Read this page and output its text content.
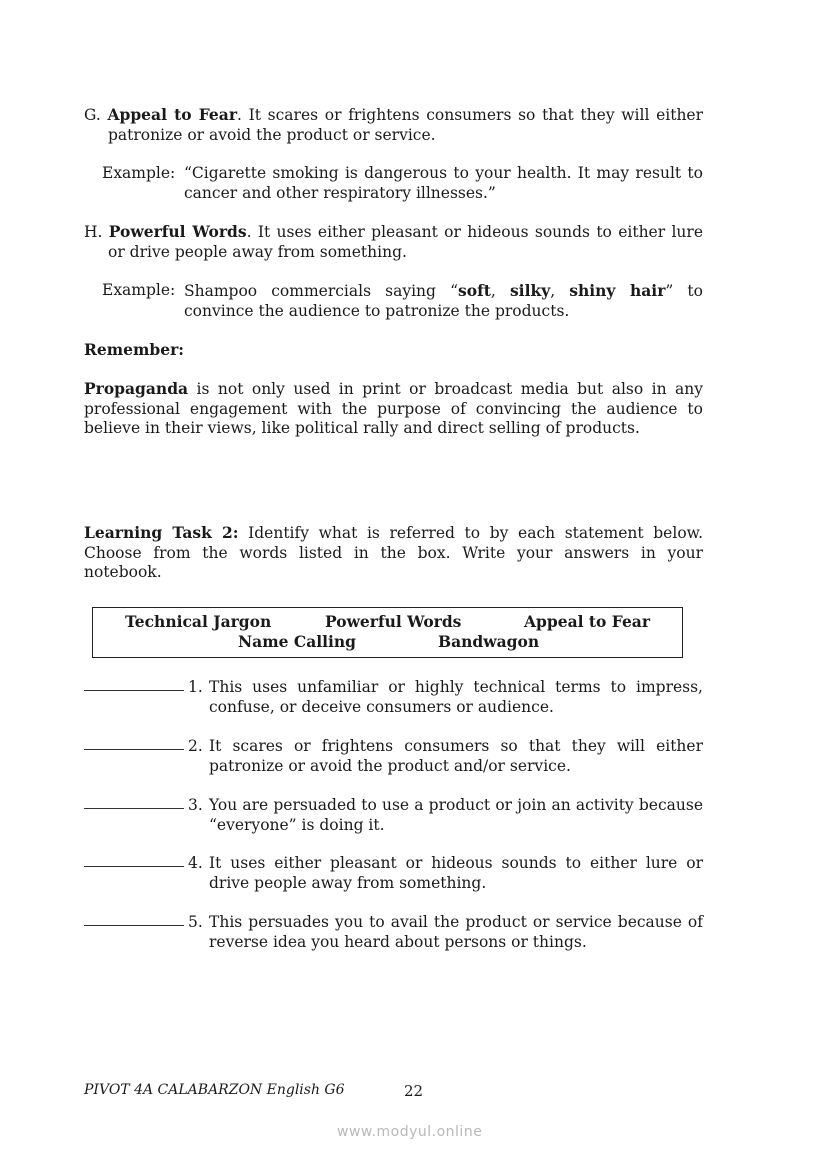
G. Appeal to Fear. It scares or frightens consumers so that they will either patronize or avoid the product or service.
Example: “Cigarette smoking is dangerous to your health. It may result to cancer and other respiratory illnesses.”
H. Powerful Words. It uses either pleasant or hideous sounds to either lure or drive people away from something.
Example: Shampoo commercials saying “soft, silky, shiny hair” to convince the audience to patronize the products.
Remember:
Propaganda is not only used in print or broadcast media but also in any professional engagement with the purpose of convincing the audience to believe in their views, like political rally and direct selling of products.
Learning Task 2: Identify what is referred to by each statement below. Choose from the words listed in the box. Write your answers in your notebook.
Technical Jargon	Powerful Words	Appeal to Fear
Name Calling	Bandwagon
1. This uses unfamiliar or highly technical terms to impress, confuse, or deceive consumers or audience.
2. It scares or frightens consumers so that they will either patronize or avoid the product and/or service.
3. You are persuaded to use a product or join an activity because “everyone” is doing it.
4. It uses either pleasant or hideous sounds to either lure or drive people away from something.
5. This persuades you to avail the product or service because of reverse idea you heard about persons or things.
PIVOT 4A CALABARZON English G6	22
www.modyul.online
